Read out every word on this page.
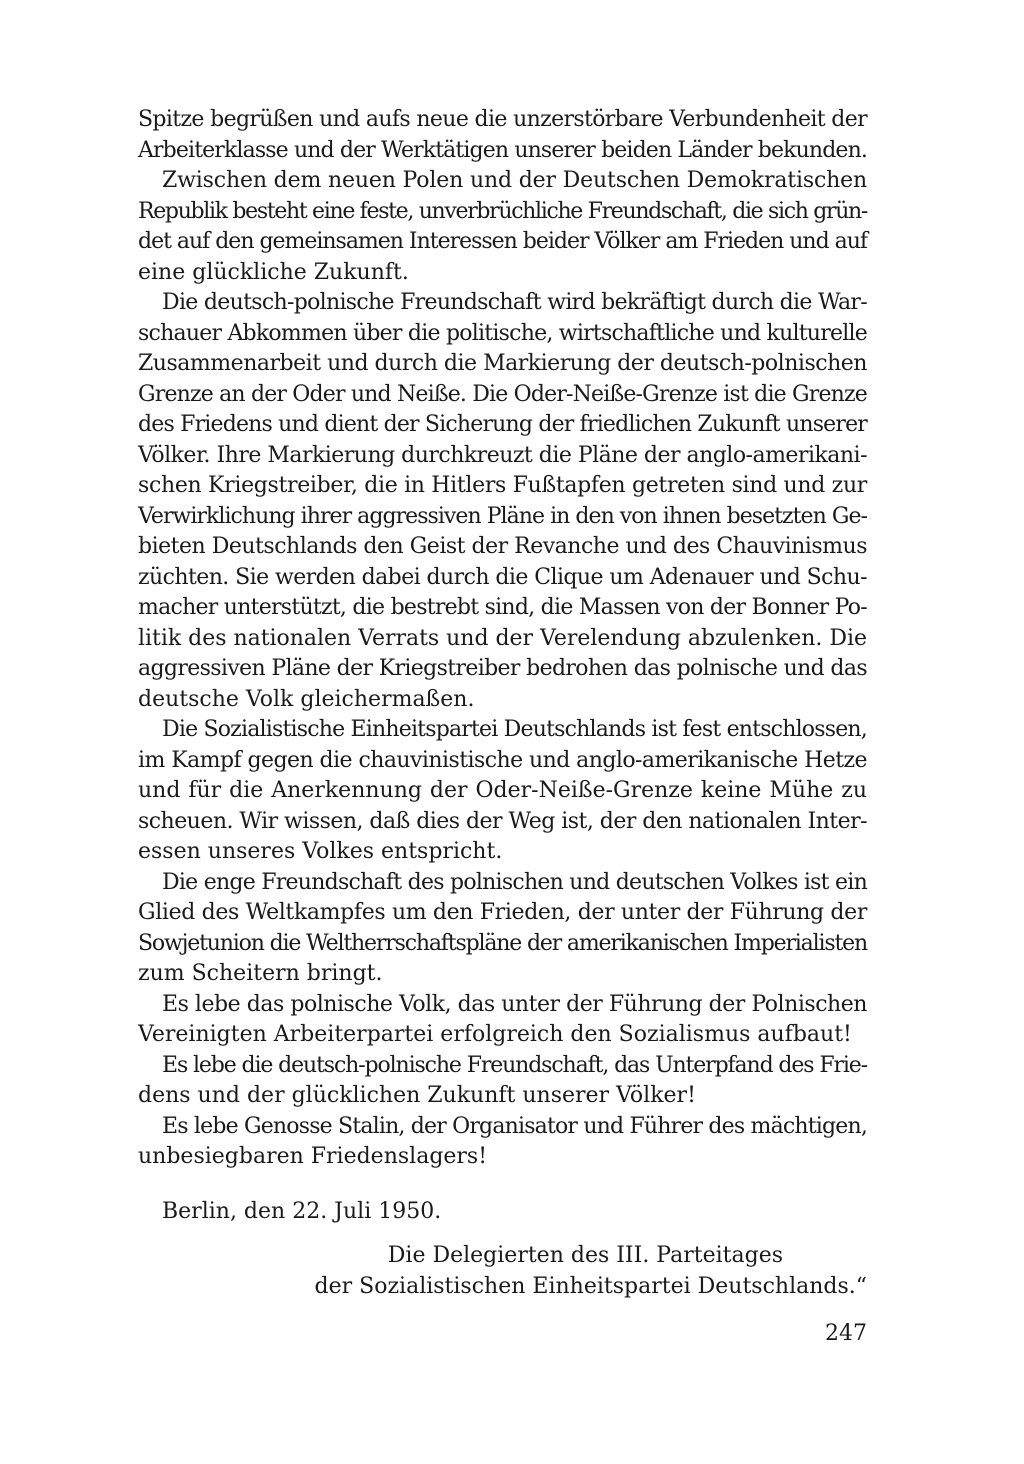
Spitze begrüßen und aufs neue die unzerstörbare Verbundenheit der
Arbeiterklasse und der Werktätigen unserer beiden Länder bekunden.
Zwischen dem neuen Polen und der Deutschen Demokratischen
Republik besteht eine feste, unverbrüchliche Freundschaft, die sich grün-
det auf den gemeinsamen Interessen beider Völker am Frieden und auf
eine glückliche Zukunft.
Die deutsch-polnische Freundschaft wird bekräftigt durch die War-
schauer Abkommen über die politische, wirtschaftliche und kulturelle
Zusammenarbeit und durch die Markierung der deutsch-polnischen
Grenze an der Oder und Neiße. Die Oder-Neiße-Grenze ist die Grenze
des Friedens und dient der Sicherung der friedlichen Zukunft unserer
Völker. Ihre Markierung durchkreuzt die Pläne der anglo-amerikani-
schen Kriegstreiber, die in Hitlers Fußtapfen getreten sind und zur
Verwirklichung ihrer aggressiven Pläne in den von ihnen besetzten Ge-
bieten Deutschlands den Geist der Revanche und des Chauvinismus
züchten. Sie werden dabei durch die Clique um Adenauer und Schu-
macher unterstützt, die bestrebt sind, die Massen von der Bonner Po-
litik des nationalen Verrats und der Verelendung abzulenken. Die
aggressiven Pläne der Kriegstreiber bedrohen das polnische und das
deutsche Volk gleichermaßen.
Die Sozialistische Einheitspartei Deutschlands ist fest entschlossen,
im Kampf gegen die chauvinistische und anglo-amerikanische Hetze
und für die Anerkennung der Oder-Neiße-Grenze keine Mühe zu
scheuen. Wir wissen, daß dies der Weg ist, der den nationalen Inter-
essen unseres Volkes entspricht.
Die enge Freundschaft des polnischen und deutschen Volkes ist ein
Glied des Weltkampfes um den Frieden, der unter der Führung der
Sowjetunion die Weltherrschaftspläne der amerikanischen Imperialisten
zum Scheitern bringt.
Es lebe das polnische Volk, das unter der Führung der Polnischen
Vereinigten Arbeiterpartei erfolgreich den Sozialismus aufbaut!
Es lebe die deutsch-polnische Freundschaft, das Unterpfand des Frie-
dens und der glücklichen Zukunft unserer Völker!
Es lebe Genosse Stalin, der Organisator und Führer des mächtigen,
unbesiegbaren Friedenslagers!
Berlin, den 22. Juli 1950.
Die Delegierten des III. Parteitages
der Sozialistischen Einheitspartei Deutschlands.“
247
